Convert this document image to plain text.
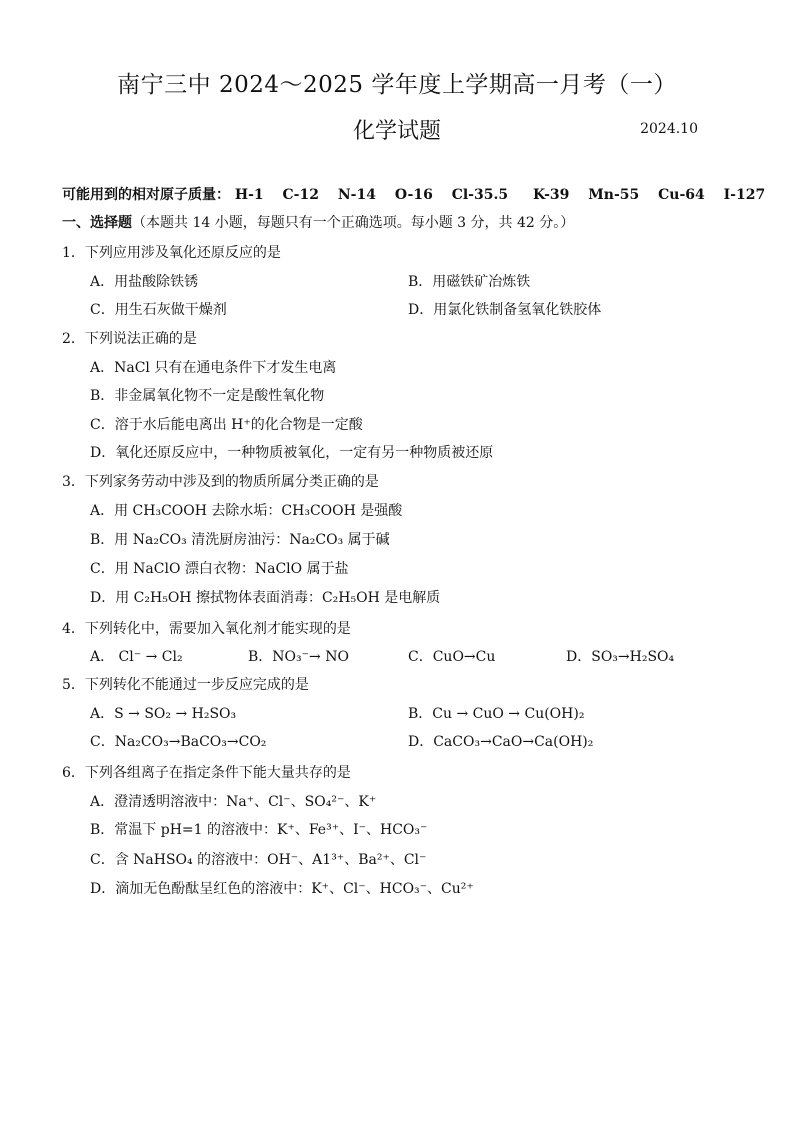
南宁三中 2024～2025 学年度上学期高一月考（一）
化学试题	2024.10
可能用到的相对原子质量： H-1 C-12 N-14 O-16 Cl-35.5 K-39 Mn-55 Cu-64 I-127
一、选择题（本题共 14 小题，每题只有一个正确选项。每小题 3 分，共 42 分。）
1．下列应用涉及氧化还原反应的是
A．用盐酸除铁锈	B．用磁铁矿冶炼铁
C．用生石灰做干燥剂	D．用氯化铁制备氢氧化铁胶体
2．下列说法正确的是
A．NaCl 只有在通电条件下才发生电离
B．非金属氧化物不一定是酸性氧化物
C．溶于水后能电离出 H⁺的化合物是一定酸
D．氧化还原反应中，一种物质被氧化，一定有另一种物质被还原
3．下列家务劳动中涉及到的物质所属分类正确的是
A．用 CH₃COOH 去除水垢：CH₃COOH 是强酸
B．用 Na₂CO₃ 清洗厨房油污：Na₂CO₃ 属于碱
C．用 NaClO 漂白衣物：NaClO 属于盐
D．用 C₂H₅OH 擦拭物体表面消毒：C₂H₅OH 是电解质
4．下列转化中，需要加入氧化剂才能实现的是
A． Cl⁻ → Cl₂	B．NO₃⁻→ NO	C．CuO→Cu	D．SO₃→H₂SO₄
5．下列转化不能通过一步反应完成的是
A．S → SO₂ → H₂SO₃	B．Cu → CuO → Cu(OH)₂
C．Na₂CO₃→BaCO₃→CO₂	D．CaCO₃→CaO→Ca(OH)₂
6．下列各组离子在指定条件下能大量共存的是
A．澄清透明溶液中：Na⁺、Cl⁻、SO₄²⁻、K⁺
B．常温下 pH=1 的溶液中：K⁺、Fe³⁺、I⁻、HCO₃⁻
C．含 NaHSO₄ 的溶液中：OH⁻、A1³⁺、Ba²⁺、Cl⁻
D．滴加无色酚酞呈红色的溶液中：K⁺、Cl⁻、HCO₃⁻、Cu²⁺
